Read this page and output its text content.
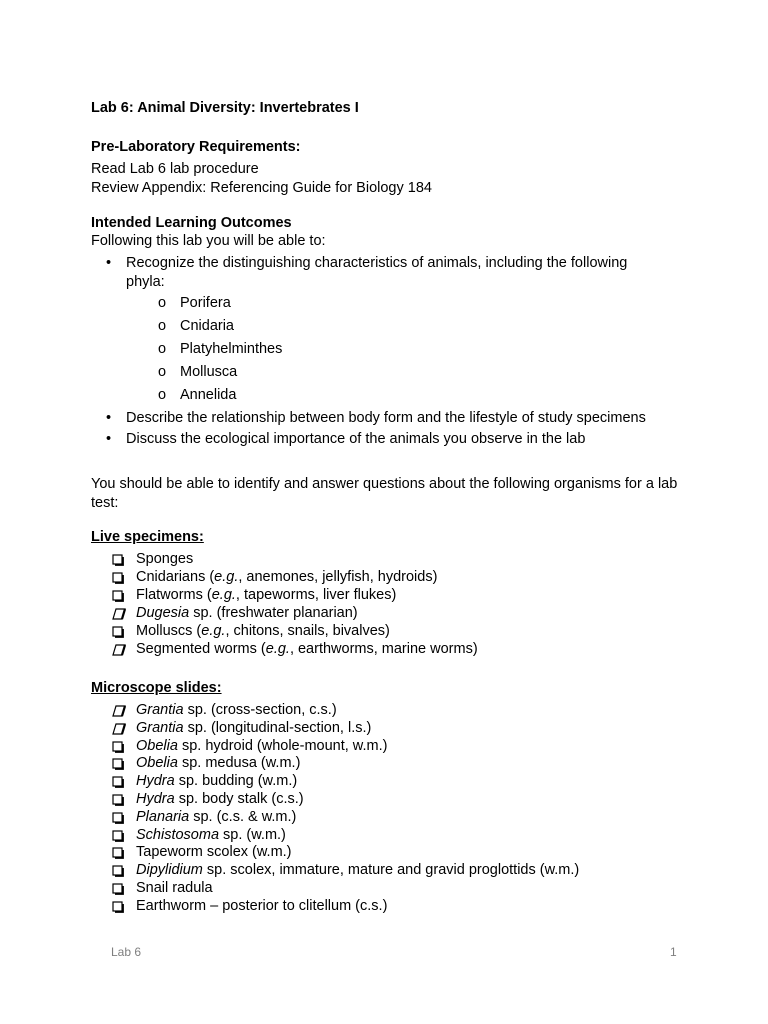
Lab 6: Animal Diversity: Invertebrates I
Pre-Laboratory Requirements:
Read Lab 6 lab procedure
Review Appendix: Referencing Guide for Biology 184
Intended Learning Outcomes
Following this lab you will be able to:
• Recognize the distinguishing characteristics of animals, including the following
phyla:
o Porifera
o Cnidaria
o Platyhelminthes
o Mollusca
o Annelida
• Describe the relationship between body form and the lifestyle of study specimens
• Discuss the ecological importance of the animals you observe in the lab
You should be able to identify and answer questions about the following organisms for a lab test:
Live specimens:
Sponges
Cnidarians (e.g., anemones, jellyfish, hydroids)
Flatworms (e.g., tapeworms, liver flukes)
Dugesia sp. (freshwater planarian)
Molluscs (e.g., chitons, snails, bivalves)
Segmented worms (e.g., earthworms, marine worms)
Microscope slides:
Grantia sp. (cross-section, c.s.)
Grantia sp. (longitudinal-section, l.s.)
Obelia sp. hydroid (whole-mount, w.m.)
Obelia sp. medusa (w.m.)
Hydra sp. budding (w.m.)
Hydra sp. body stalk (c.s.)
Planaria sp. (c.s. & w.m.)
Schistosoma sp. (w.m.)
Tapeworm scolex (w.m.)
Dipylidium sp. scolex, immature, mature and gravid proglottids (w.m.)
Snail radula
Earthworm – posterior to clitellum (c.s.)
Lab 6	1
